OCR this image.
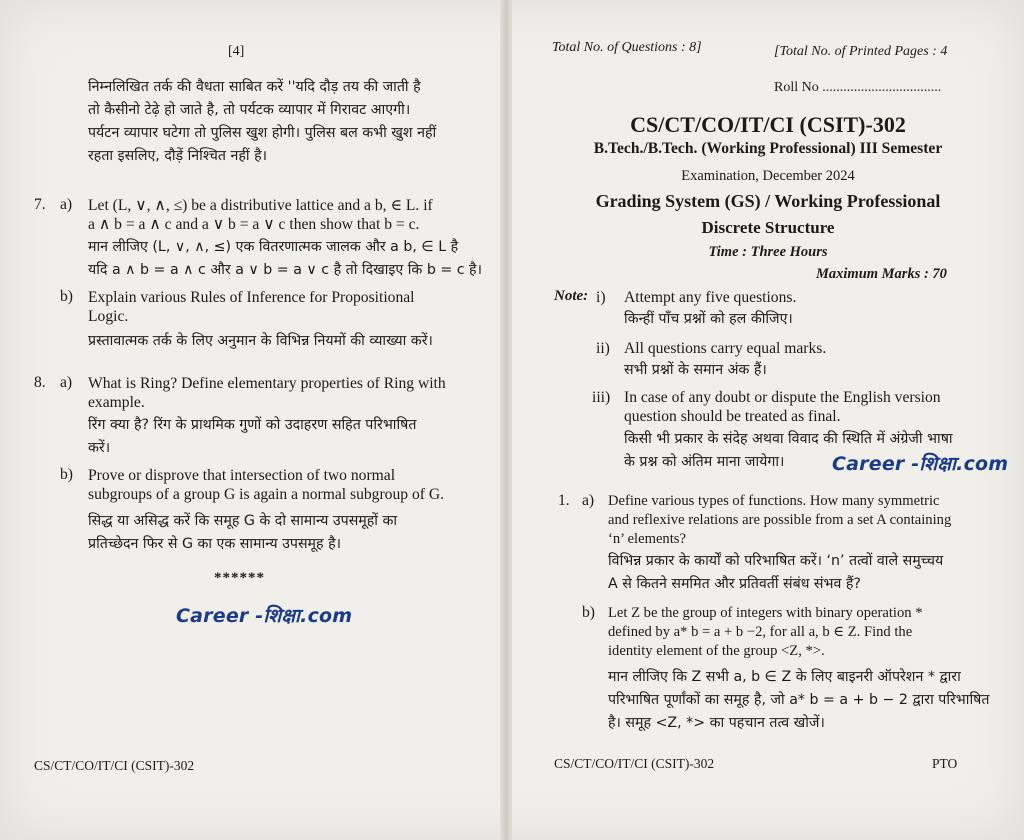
[4]
निम्नलिखित तर्क की वैधता साबित करें ''यदि दौड़ तय की जाती है
तो कैसीनो टेढ़े हो जाते है, तो पर्यटक व्यापार में गिरावट आएगी।
पर्यटन व्यापार घटेगा तो पुलिस खुश होगी। पुलिस बल कभी खुश नहीं
रहता इसलिए, दौड़ें निश्चित नहीं है।
7. a) Let (L, ∨, ∧, ≤) be a distributive lattice and a b, ∈ L. if
a ∧ b = a ∧ c and a ∨ b = a ∨ c then show that b = c.
मान लीजिए (L, ∨, ∧, ≤) एक वितरणात्मक जालक और a b, ∈ L है
यदि a ∧ b = a ∧ c और a ∨ b = a ∨ c है तो दिखाइए कि b = c है।
b) Explain various Rules of Inference for Propositional
Logic.
प्रस्तावात्मक तर्क के लिए अनुमान के विभिन्न नियमों की व्याख्या करें।
8. a) What is Ring? Define elementary properties of Ring with
example.
रिंग क्या है? रिंग के प्राथमिक गुणों को उदाहरण सहित परिभाषित
करें।
b) Prove or disprove that intersection of two normal
subgroups of a group G is again a normal subgroup of G.
सिद्ध या असिद्ध करें कि समूह G के दो सामान्य उपसमूहों का
प्रतिच्छेदन फिर से G का एक सामान्य उपसमूह है।
******
Career -शिक्षा.com
CS/CT/CO/IT/CI (CSIT)-302
Total No. of Questions : 8]	[Total No. of Printed Pages : 4
Roll No ..................................
CS/CT/CO/IT/CI (CSIT)-302
B.Tech./B.Tech. (Working Professional) III Semester
Examination, December 2024
Grading System (GS) / Working Professional
Discrete Structure
Time : Three Hours
Maximum Marks : 70
Note: i) Attempt any five questions.
किन्हीं पाँच प्रश्नों को हल कीजिए।
ii) All questions carry equal marks.
सभी प्रश्नों के समान अंक हैं।
iii) In case of any doubt or dispute the English version
question should be treated as final.
किसी भी प्रकार के संदेह अथवा विवाद की स्थिति में अंग्रेजी भाषा
के प्रश्न को अंतिम माना जायेगा।	Career -शिक्षा.com
1. a) Define various types of functions. How many symmetric
and reflexive relations are possible from a set A containing
‘n’ elements?
विभिन्न प्रकार के कार्यों को परिभाषित करें। ‘n’ तत्वों वाले समुच्चय
A से कितने सममित और प्रतिवर्ती संबंध संभव हैं?
b) Let Z be the group of integers with binary operation *
defined by a* b = a + b −2, for all a, b ∈ Z. Find the
identity element of the group <Z, *>.
मान लीजिए कि Z सभी a, b ∈ Z के लिए बाइनरी ऑपरेशन * द्वारा
परिभाषित पूर्णांकों का समूह है, जो a* b = a + b − 2 द्वारा परिभाषित
है। समूह <Z, *> का पहचान तत्व खोजें।
CS/CT/CO/IT/CI (CSIT)-302	PTO
